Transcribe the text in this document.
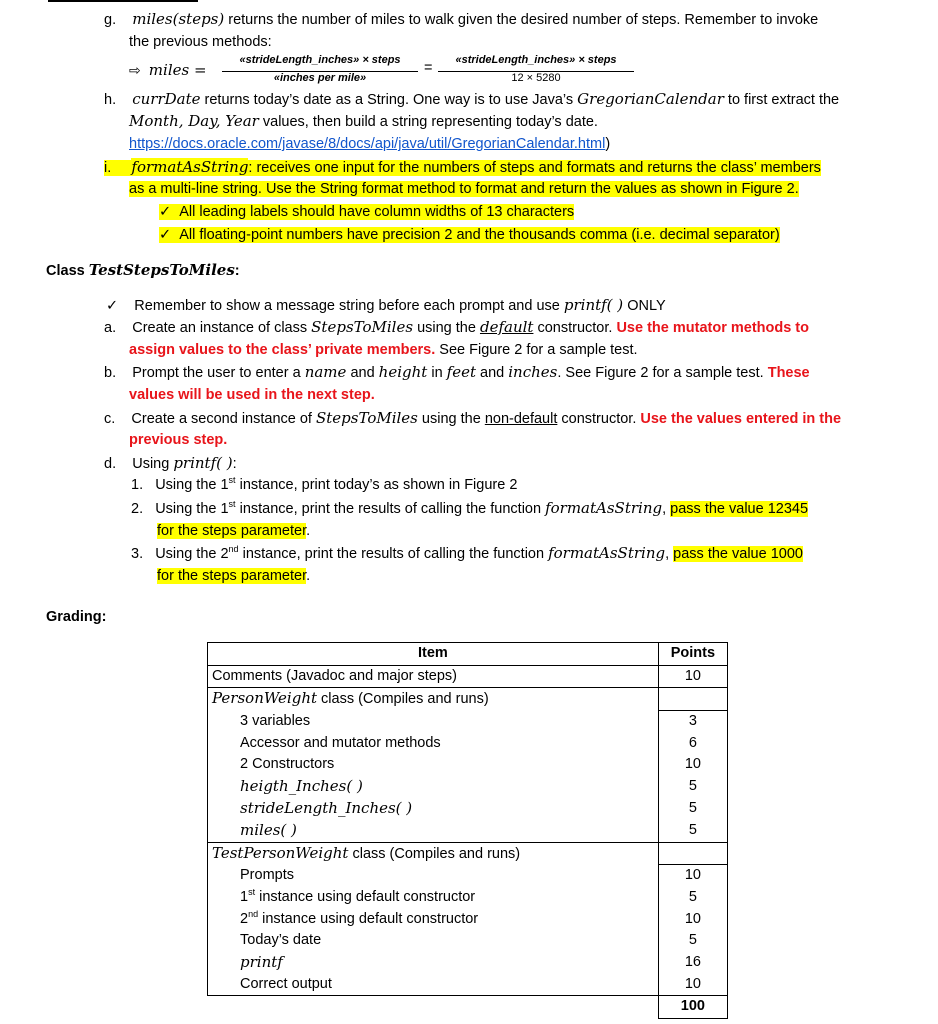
g. miles(steps) returns the number of miles to walk given the desired number of steps. Remember to invoke
the previous methods:
⇨ miles =
«strideLength_inches» × steps
«inches per mile»
=	«strideLength_inches» × steps
12 × 5280
h. currDate returns today’s date as a String. One way is to use Java’s GregorianCalendar to first extract the
Month, Day, Year values, then build a string representing today’s date.
https://docs.oracle.com/javase/8/docs/api/java/util/GregorianCalendar.html)
i. formatAsString: receives one input for the numbers of steps and formats and returns the class’ members
as a multi-line string. Use the String format method to format and return the values as shown in Figure 2.
✓ All leading labels should have column widths of 13 characters
✓ All floating-point numbers have precision 2 and the thousands comma (i.e. decimal separator)
Class TestStepsToMiles:
✓ Remember to show a message string before each prompt and use printf( ) ONLY
a. Create an instance of class StepsToMiles using the default constructor. Use the mutator methods to
assign values to the class’ private members. See Figure 2 for a sample test.
b. Prompt the user to enter a name and height in feet and inches. See Figure 2 for a sample test. These
values will be used in the next step.
c. Create a second instance of StepsToMiles using the non-default constructor. Use the values entered in the
previous step.
d. Using printf( ):
1. Using the 1st instance, print today’s as shown in Figure 2
2. Using the 1st instance, print the results of calling the function formatAsString, pass the value 12345
for the steps parameter.
3. Using the 2nd instance, print the results of calling the function formatAsString, pass the value 1000
for the steps parameter.
Grading:
Item	Points
Comments (Javadoc and major steps)	10
PersonWeight class (Compiles and runs)	
3 variables	3
Accessor and mutator methods	6
2 Constructors	10
heigth_Inches( )	5
strideLength_Inches( )	5
miles( )	5
TestPersonWeight class (Compiles and runs)	
Prompts	10
1st instance using default constructor	5
2nd instance using default constructor	10
Today’s date	5
printf	16
Correct output	10
	100
